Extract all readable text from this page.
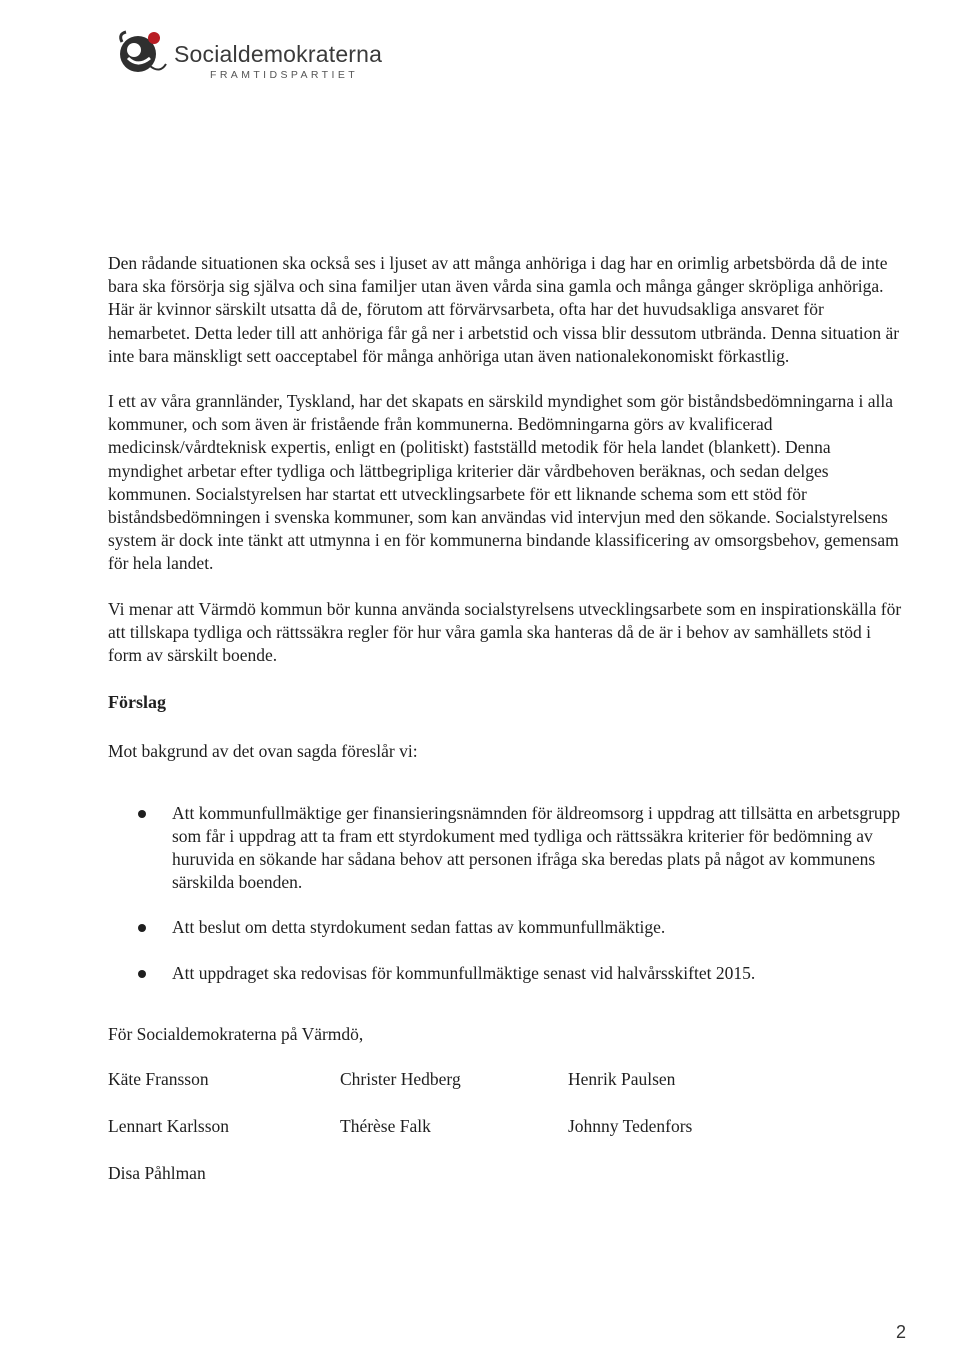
Socialdemokraterna
FRAMTIDSPARTIET

Den rådande situationen ska också ses i ljuset av att många anhöriga i dag har en orimlig arbetsbörda då de inte bara ska försörja sig själva och sina familjer utan även vårda sina gamla och många gånger skröpliga anhöriga. Här är kvinnor särskilt utsatta då de, förutom att förvärvsarbeta, ofta har det huvudsakliga ansvaret för hemarbetet. Detta leder till att anhöriga får gå ner i arbetstid och vissa blir dessutom utbrända. Denna situation är inte bara mänskligt sett oacceptabel för många anhöriga utan även nationalekonomiskt förkastlig.

I ett av våra grannländer, Tyskland, har det skapats en särskild myndighet som gör biståndsbedömningarna i alla kommuner, och som även är fristående från kommunerna. Bedömningarna görs av kvalificerad medicinsk/vårdteknisk expertis, enligt en (politiskt) fastställd metodik för hela landet (blankett). Denna myndighet arbetar efter tydliga och lättbegripliga kriterier där vårdbehoven beräknas, och sedan delges kommunen. Socialstyrelsen har startat ett utvecklingsarbete för ett liknande schema som ett stöd för biståndsbedömningen i svenska kommuner, som kan användas vid intervjun med den sökande. Socialstyrelsens system är dock inte tänkt att utmynna i en för kommunerna bindande klassificering av omsorgsbehov, gemensam för hela landet.

Vi menar att Värmdö kommun bör kunna använda socialstyrelsens utvecklingsarbete som en inspirationskälla för att tillskapa tydliga och rättssäkra regler för hur våra gamla ska hanteras då de är i behov av samhällets stöd i form av särskilt boende.

Förslag

Mot bakgrund av det ovan sagda föreslår vi:

Att kommunfullmäktige ger finansieringsnämnden för äldreomsorg i uppdrag att tillsätta en arbetsgrupp som får i uppdrag att ta fram ett styrdokument med tydliga och rättssäkra kriterier för bedömning av huruvida en sökande har sådana behov att personen ifråga ska beredas plats på något av kommunens särskilda boenden.
Att beslut om detta styrdokument sedan fattas av kommunfullmäktige.
Att uppdraget ska redovisas för kommunfullmäktige senast vid halvårsskiftet 2015.

För Socialdemokraterna på Värmdö,

Käte Fransson	Christer Hedberg	Henrik Paulsen
Lennart Karlsson	Thérèse Falk	Johnny Tedenfors
Disa Påhlman
2
